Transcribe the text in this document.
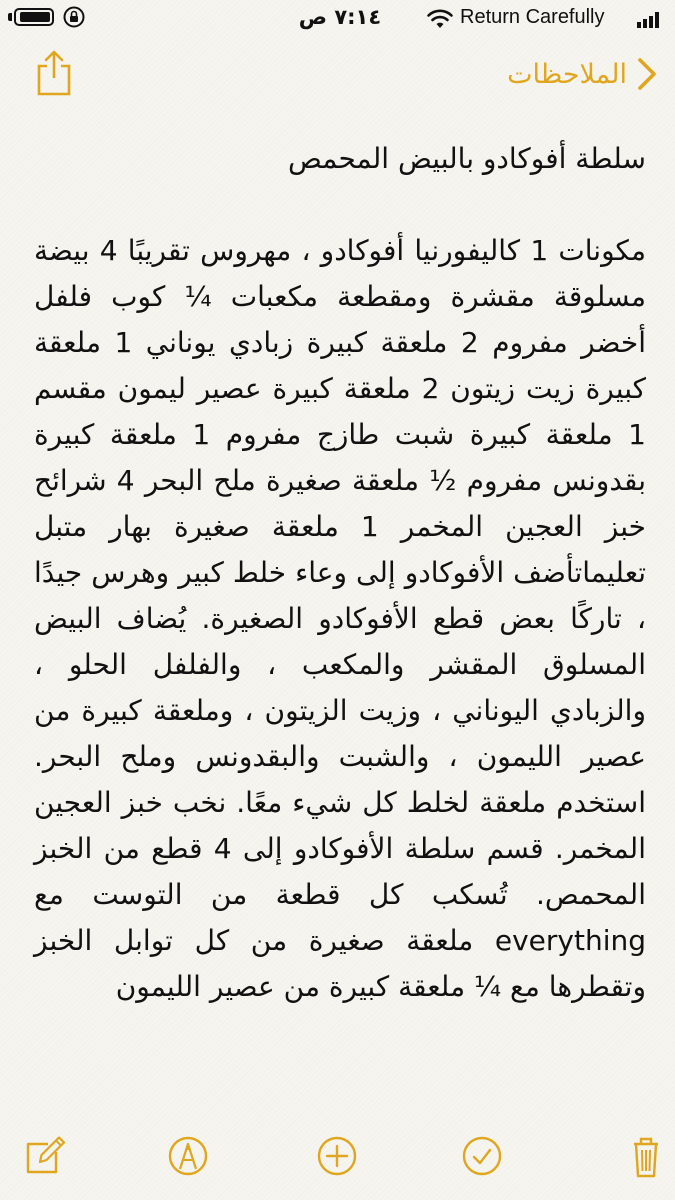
٧:١٤ ص	Return Carefully
الملاحظات

سلطة أفوكادو بالبيض المحمص

مكونات 1 كاليفورنيا أفوكادو ، مهروس تقريبًا 4 بيضة مسلوقة مقشرة ومقطعة مكعبات ¼ كوب فلفل أخضر مفروم 2 ملعقة كبيرة زبادي يوناني 1 ملعقة كبيرة زيت زيتون 2 ملعقة كبيرة عصير ليمون مقسم 1 ملعقة كبيرة شبت طازج مفروم 1 ملعقة كبيرة بقدونس مفروم ½ ملعقة صغيرة ملح البحر 4 شرائح خبز العجين المخمر 1 ملعقة صغيرة بهار متبل تعليماتأضف الأفوكادو إلى وعاء خلط كبير وهرس جيدًا ، تاركًا بعض قطع الأفوكادو الصغيرة. يُضاف البيض المسلوق المقشر والمكعب ، والفلفل الحلو ، والزبادي اليوناني ، وزيت الزيتون ، وملعقة كبيرة من عصير الليمون ، والشبت والبقدونس وملح البحر. استخدم ملعقة لخلط كل شيء معًا. نخب خبز العجين المخمر. قسم سلطة الأفوكادو إلى 4 قطع من الخبز المحمص. تُسكب كل قطعة من التوست مع everything ملعقة صغيرة من كل توابل الخبز وتقطرها مع ¼ ملعقة كبيرة من عصير الليمون
